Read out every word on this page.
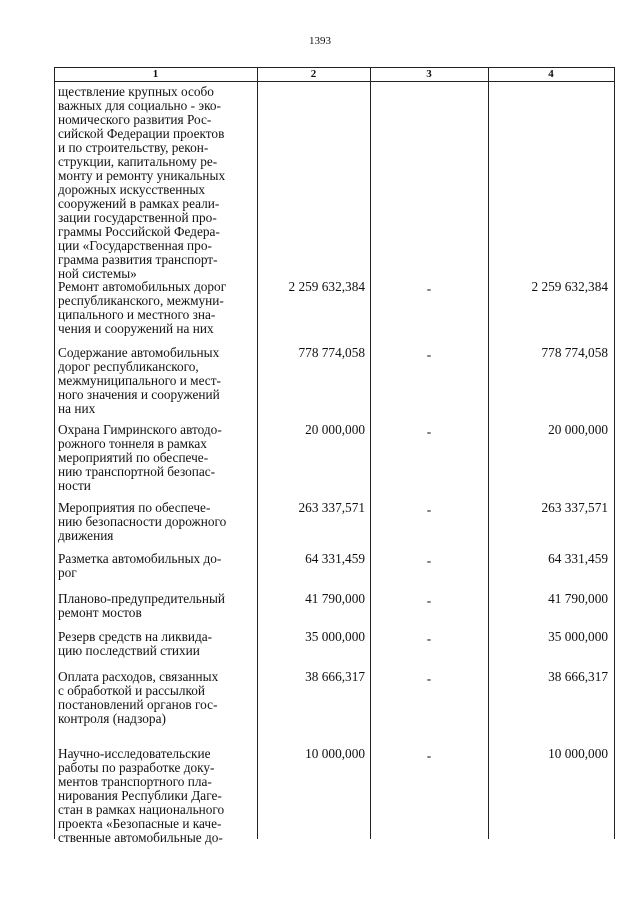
1393
1	2	3	4
ществление крупных особо
важных для социально - эко-
номического развития Рос-
сийской Федерации проектов
и по строительству, рекон-
струкции, капитальному ре-
монту и ремонту уникальных
дорожных искусственных
сооружений в рамках реали-
зации государственной про-
граммы Российской Федера-
ции «Государственная про-
грамма развития транспорт-
ной системы»
Ремонт автомобильных дорог
республиканского, межмуни-
ципального и местного зна-
чения и сооружений на них
2 259 632,384	-	2 259 632,384
Содержание автомобильных
дорог республиканского,
межмуниципального и мест-
ного значения и сооружений
на них
778 774,058	-	778 774,058
Охрана Гимринского автодо-
рожного тоннеля в рамках
мероприятий по обеспече-
нию транспортной безопас-
ности
20 000,000	-	20 000,000
Мероприятия по обеспече-
нию безопасности дорожного
движения
263 337,571	-	263 337,571
Разметка автомобильных до-
рог
64 331,459	-	64 331,459
Планово-предупредительный
ремонт мостов
41 790,000	-	41 790,000
Резерв средств на ликвида-
цию последствий стихии
35 000,000	-	35 000,000
Оплата расходов, связанных
с обработкой и рассылкой
постановлений органов гос-
контроля (надзора)
38 666,317	-	38 666,317
Научно-исследовательские
работы по разработке доку-
ментов транспортного пла-
нирования Республики Даге-
стан в рамках национального
проекта «Безопасные и каче-
ственные автомобильные до-
10 000,000	-	10 000,000
